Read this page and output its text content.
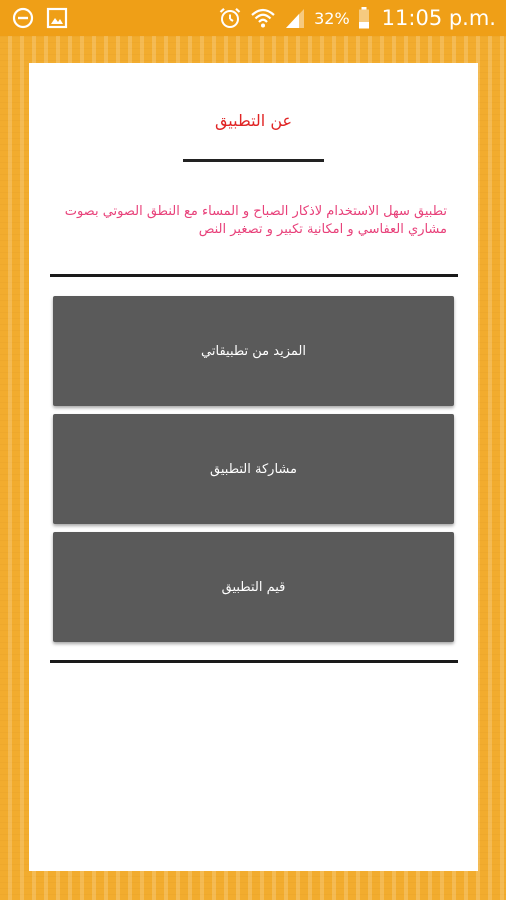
32% 11:05 p.m.
عن التطبيق
تطبيق سهل الاستخدام لاذكار الصباح و المساء مع النطق الصوتي بصوت مشاري العفاسي و امكانية تكبير و تصغير النص
المزيد من تطبيقاتي
مشاركة التطبيق
قيم التطبيق
